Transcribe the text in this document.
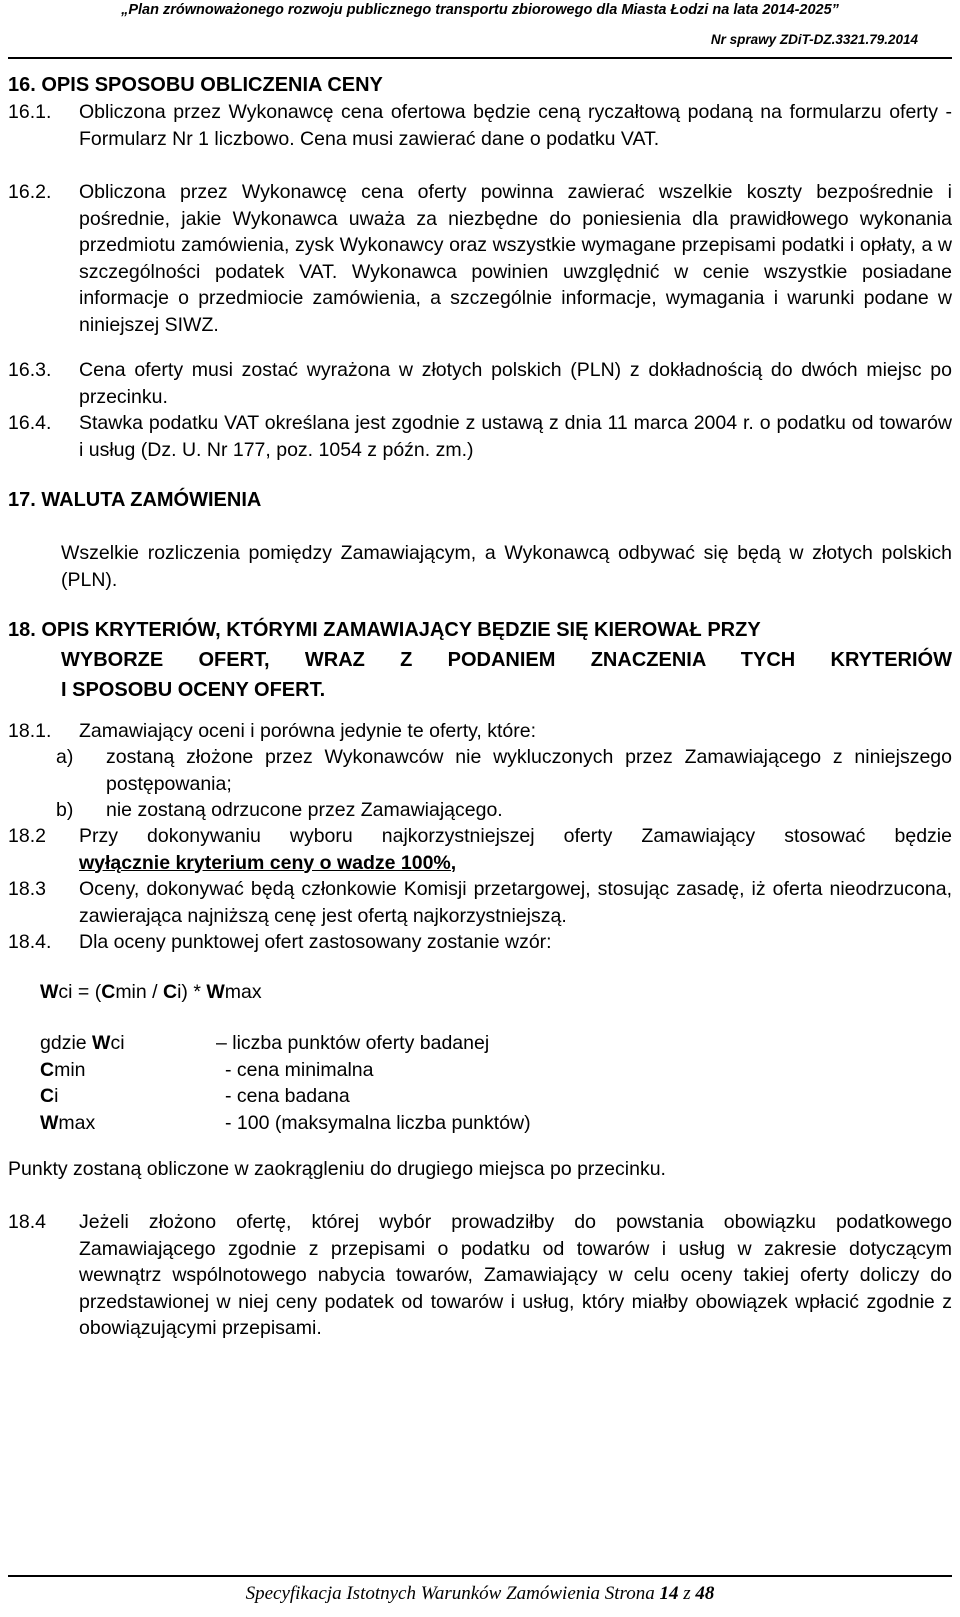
„Plan zrównoważonego rozwoju publicznego transportu zbiorowego dla Miasta Łodzi na lata 2014-2025”
Nr sprawy ZDiT-DZ.3321.79.2014
16. OPIS SPOSOBU OBLICZENIA CENY
16.1. Obliczona przez Wykonawcę cena ofertowa będzie ceną ryczałtową podaną na formularzu oferty - Formularz Nr 1 liczbowo. Cena musi zawierać dane o podatku VAT.
16.2. Obliczona przez Wykonawcę cena oferty powinna zawierać wszelkie koszty bezpośrednie i pośrednie, jakie Wykonawca uważa za niezbędne do poniesienia dla prawidłowego wykonania przedmiotu zamówienia, zysk Wykonawcy oraz wszystkie wymagane przepisami podatki i opłaty, a w szczególności podatek VAT. Wykonawca powinien uwzględnić w cenie wszystkie posiadane informacje o przedmiocie zamówienia, a szczególnie informacje, wymagania i warunki podane w niniejszej SIWZ.
16.3. Cena oferty musi zostać wyrażona w złotych polskich (PLN) z dokładnością do dwóch miejsc po przecinku.
16.4. Stawka podatku VAT określana jest zgodnie z ustawą z dnia 11 marca 2004 r. o podatku od towarów i usług (Dz. U. Nr 177, poz. 1054 z późn. zm.)
17. WALUTA ZAMÓWIENIA
Wszelkie rozliczenia pomiędzy Zamawiającym, a Wykonawcą odbywać się będą w złotych polskich (PLN).
18. OPIS KRYTERIÓW, KTÓRYMI ZAMAWIAJĄCY BĘDZIE SIĘ KIEROWAŁ PRZY
WYBORZE OFERT, WRAZ Z PODANIEM ZNACZENIA TYCH KRYTERIÓW
I SPOSOBU OCENY OFERT.
18.1. Zamawiający oceni i porówna jedynie te oferty, które:
a) zostaną złożone przez Wykonawców nie wykluczonych przez Zamawiającego z niniejszego postępowania;
b) nie zostaną odrzucone przez Zamawiającego.
18.2 Przy dokonywaniu wyboru najkorzystniejszej oferty Zamawiający stosować będzie
wyłącznie kryterium ceny o wadze 100%,
18.3 Oceny, dokonywać będą członkowie Komisji przetargowej, stosując zasadę, iż oferta nieodrzucona, zawierająca najniższą cenę jest ofertą najkorzystniejszą.
18.4. Dla oceny punktowej ofert zastosowany zostanie wzór:
Wci = (Cmin / Ci) * Wmax
gdzie Wci	– liczba punktów oferty badanej
Cmin	- cena minimalna
Ci	- cena badana
Wmax	- 100 (maksymalna liczba punktów)
Punkty zostaną obliczone w zaokrągleniu do drugiego miejsca po przecinku.
18.4 Jeżeli złożono ofertę, której wybór prowadziłby do powstania obowiązku podatkowego Zamawiającego zgodnie z przepisami o podatku od towarów i usług w zakresie dotyczącym wewnątrz wspólnotowego nabycia towarów, Zamawiający w celu oceny takiej oferty doliczy do przedstawionej w niej ceny podatek od towarów i usług, który miałby obowiązek wpłacić zgodnie z obowiązującymi przepisami.
Specyfikacja Istotnych Warunków Zamówienia Strona 14 z 48
